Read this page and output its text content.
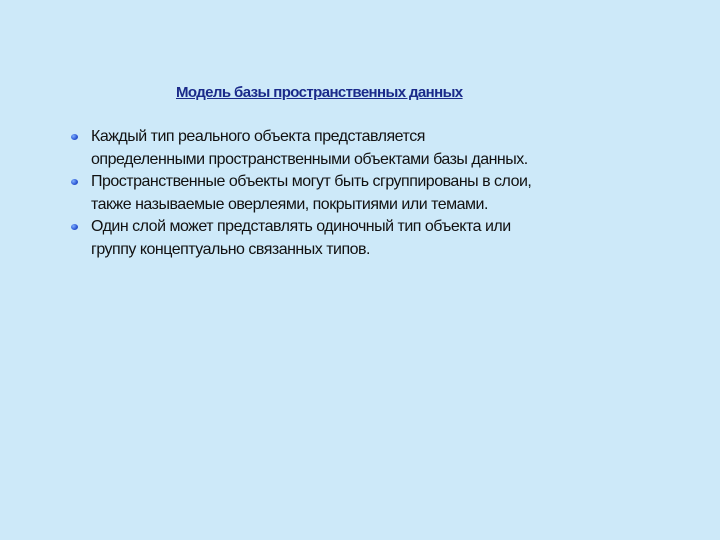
Модель базы пространственных данных
Каждый тип реального объекта представляется
определенными пространственными объектами базы данных.
Пространственные объекты могут быть сгруппированы в слои,
также называемые оверлеями, покрытиями или темами.
Один слой может представлять одиночный тип объекта или
группу концептуально связанных типов.
